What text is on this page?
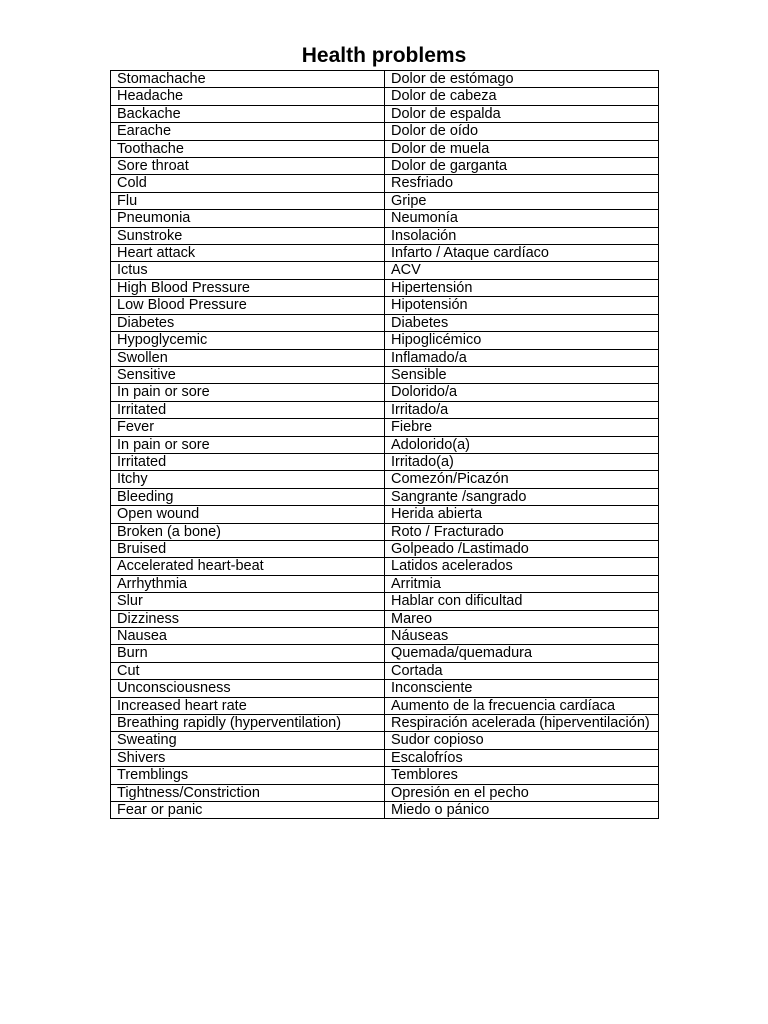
Health problems
Stomachache	Dolor de estómago
Headache	Dolor de cabeza
Backache	Dolor de espalda
Earache	Dolor de oído
Toothache	Dolor de muela
Sore throat	Dolor de garganta
Cold	Resfriado
Flu	Gripe
Pneumonia	Neumonía
Sunstroke	Insolación
Heart attack	Infarto / Ataque cardíaco
Ictus	ACV
High Blood Pressure	Hipertensión
Low Blood Pressure	Hipotensión
Diabetes	Diabetes
Hypoglycemic	Hipoglicémico
Swollen	Inflamado/a
Sensitive	Sensible
In pain or sore	Dolorido/a
Irritated	Irritado/a
Fever	Fiebre
In pain or sore	Adolorido(a)
Irritated	Irritado(a)
Itchy	Comezón/Picazón
Bleeding	Sangrante /sangrado
Open wound	Herida abierta
Broken (a bone)	Roto / Fracturado
Bruised	Golpeado /Lastimado
Accelerated heart-beat	Latidos acelerados
Arrhythmia	Arritmia
Slur	Hablar con dificultad
Dizziness	Mareo
Nausea	Náuseas
Burn	Quemada/quemadura
Cut	Cortada
Unconsciousness	Inconsciente
Increased heart rate	Aumento de la frecuencia cardíaca
Breathing rapidly (hyperventilation)	Respiración acelerada (hiperventilación)
Sweating	Sudor copioso
Shivers	Escalofríos
Tremblings	Temblores
Tightness/Constriction	Opresión en el pecho
Fear or panic	Miedo o pánico
